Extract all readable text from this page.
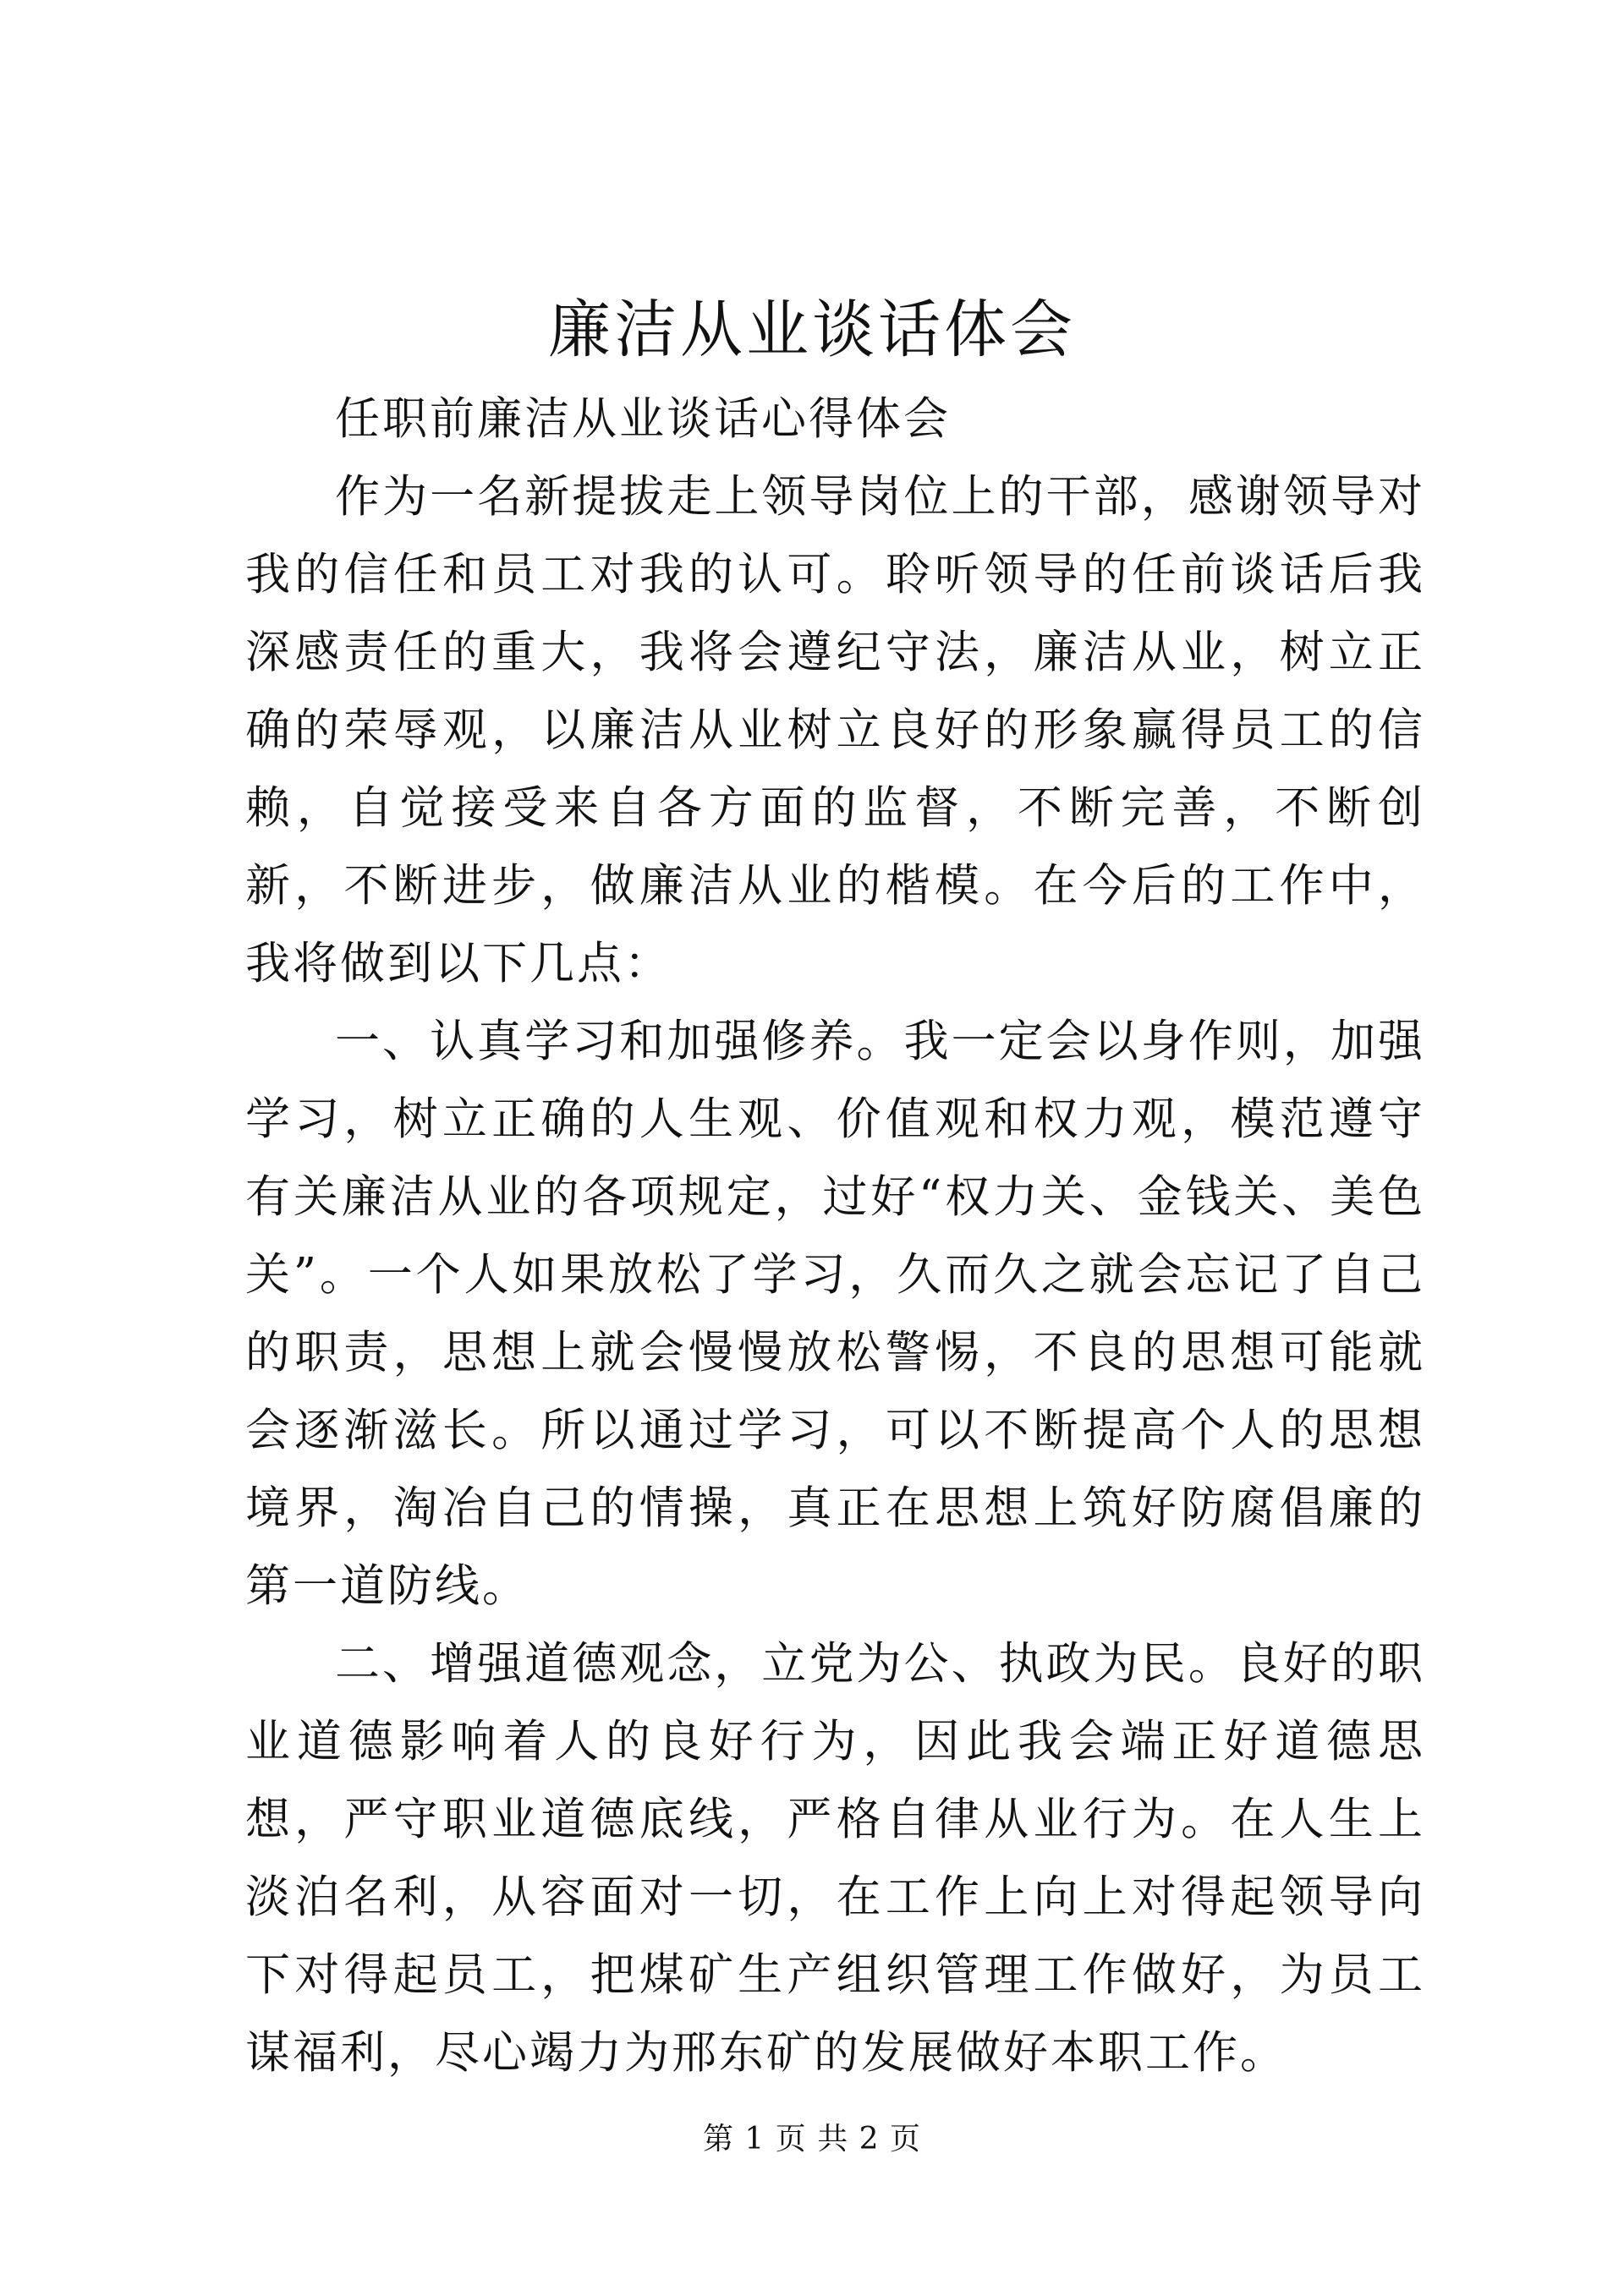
廉洁从业谈话体会

任职前廉洁从业谈话心得体会

作为一名新提拔走上领导岗位上的干部，感谢领导对我的信任和员工对我的认可。聆听领导的任前谈话后我深感责任的重大，我将会遵纪守法，廉洁从业，树立正确的荣辱观，以廉洁从业树立良好的形象赢得员工的信赖，自觉接受来自各方面的监督，不断完善，不断创新，不断进步，做廉洁从业的楷模。在今后的工作中，我将做到以下几点：

一、认真学习和加强修养。我一定会以身作则，加强学习，树立正确的人生观、价值观和权力观，模范遵守有关廉洁从业的各项规定，过好“权力关、金钱关、美色关”。一个人如果放松了学习，久而久之就会忘记了自己的职责，思想上就会慢慢放松警惕，不良的思想可能就会逐渐滋长。所以通过学习，可以不断提高个人的思想境界，淘冶自己的情操，真正在思想上筑好防腐倡廉的第一道防线。

二、增强道德观念，立党为公、执政为民。良好的职业道德影响着人的良好行为，因此我会端正好道德思想，严守职业道德底线，严格自律从业行为。在人生上淡泊名利，从容面对一切，在工作上向上对得起领导向下对得起员工，把煤矿生产组织管理工作做好，为员工谋福利，尽心竭力为邢东矿的发展做好本职工作。

第 1 页 共 2 页
